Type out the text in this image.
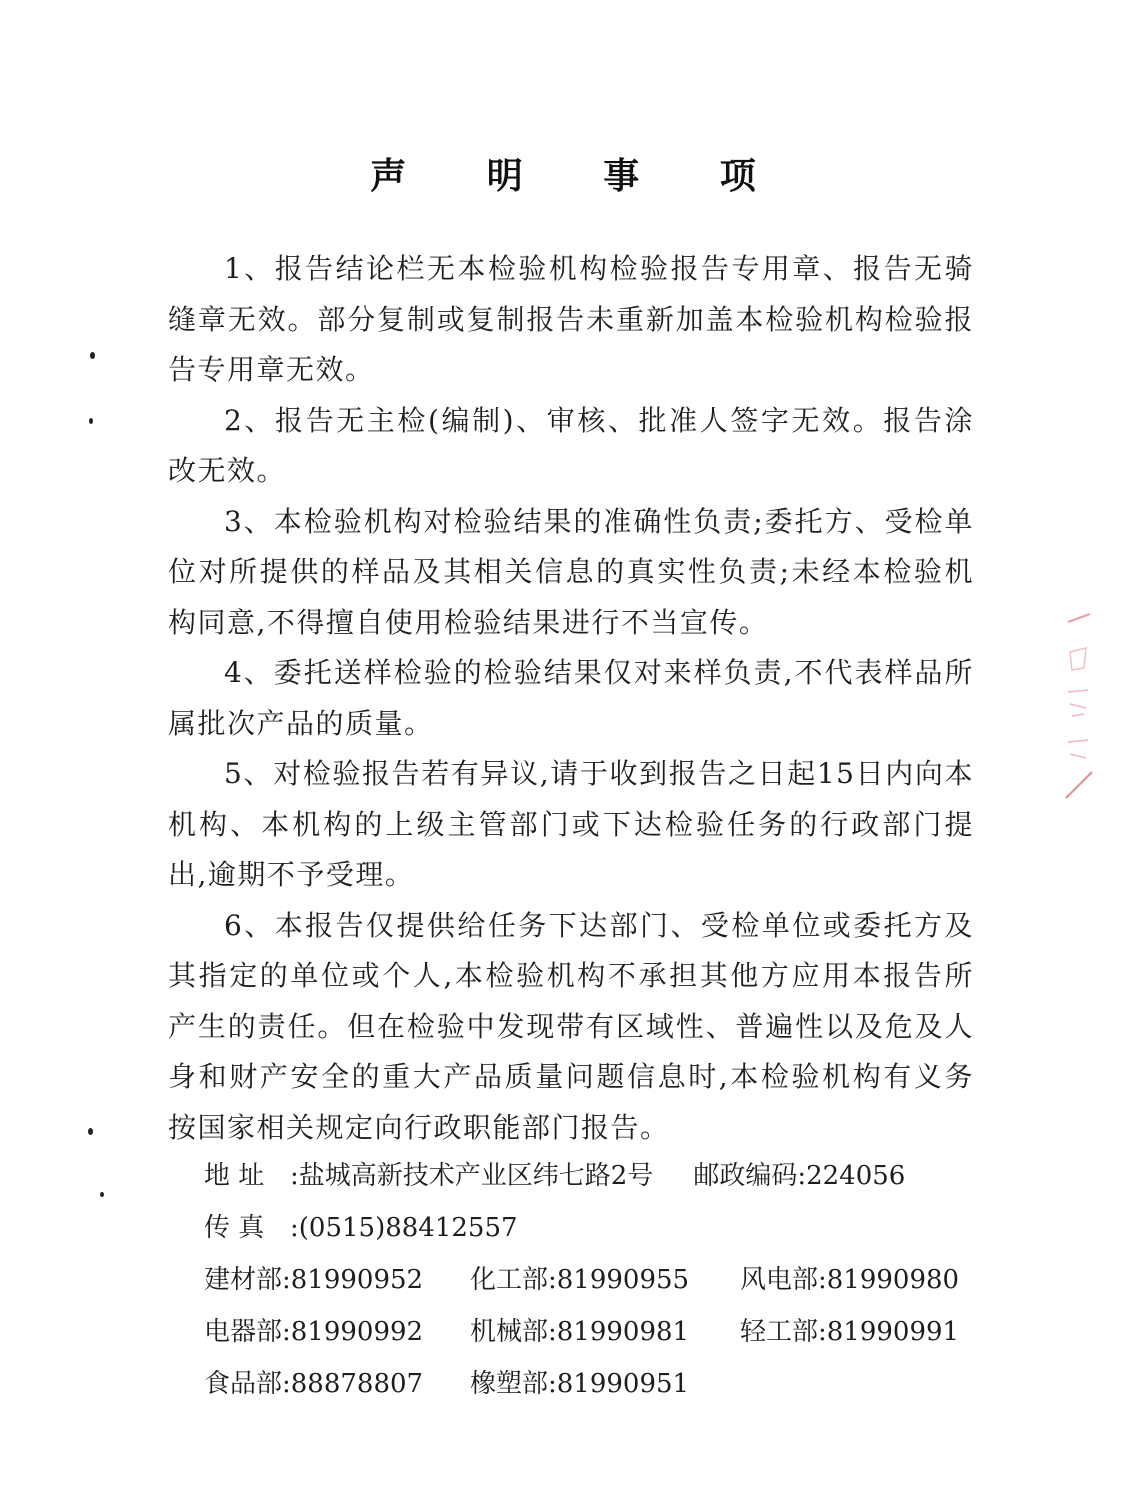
声 明 事 项

1、报告结论栏无本检验机构检验报告专用章、报告无骑缝章无效。部分复制或复制报告未重新加盖本检验机构检验报告专用章无效。

2、报告无主检(编制)、审核、批准人签字无效。报告涂改无效。

3、本检验机构对检验结果的准确性负责;委托方、受检单位对所提供的样品及其相关信息的真实性负责;未经本检验机构同意,不得擅自使用检验结果进行不当宣传。

4、委托送样检验的检验结果仅对来样负责,不代表样品所属批次产品的质量。

5、对检验报告若有异议,请于收到报告之日起15日内向本机构、本机构的上级主管部门或下达检验任务的行政部门提出,逾期不予受理。

6、本报告仅提供给任务下达部门、受检单位或委托方及其指定的单位或个人,本检验机构不承担其他方应用本报告所产生的责任。但在检验中发现带有区域性、普遍性以及危及人身和财产安全的重大产品质量问题信息时,本检验机构有义务按国家相关规定向行政职能部门报告。

地 址 :盐城高新技术产业区纬七路2号 邮政编码:224056
传 真 :(0515)88412557
建材部:81990952	化工部:81990955	风电部:81990980
电器部:81990992	机械部:81990981	轻工部:81990991
食品部:88878807	橡塑部:81990951
